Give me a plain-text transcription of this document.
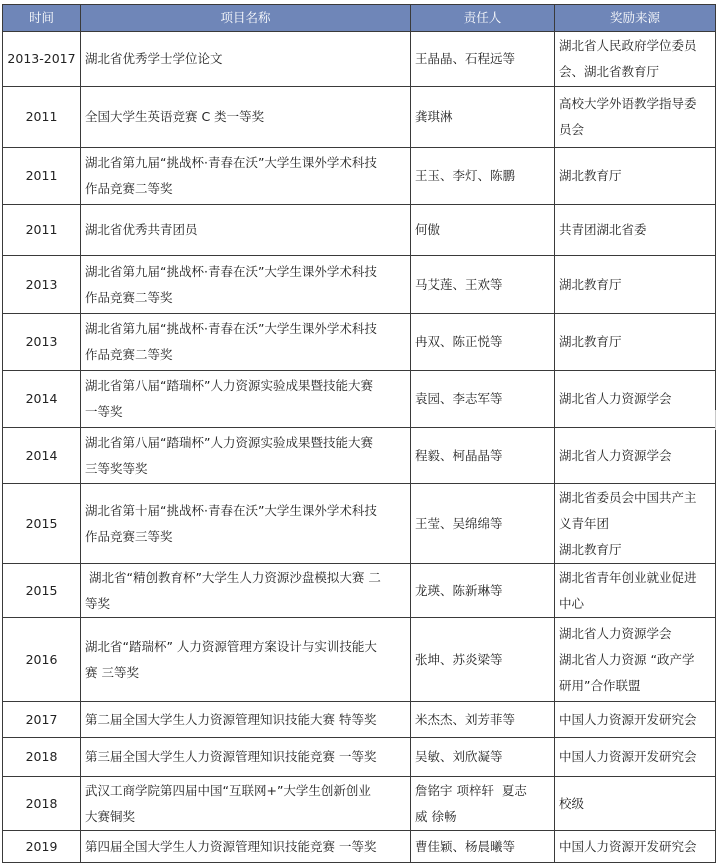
时间	项目名称	责任人	奖励来源
2013-2017	湖北省优秀学士学位论文	王晶晶、石程远等	湖北省人民政府学位委员
会、湖北省教育厅

2011	全国大学生英语竞赛 C 类一等奖	龚琪淋	高校大学外语教学指导委
员会

2011	湖北省第九届“挑战杯·青春在沃”大学生课外学术科技
作品竞赛二等奖	王玉、李灯、陈鹏	湖北教育厅

2011	湖北省优秀共青团员	何傲	共青团湖北省委

2013	湖北省第九届“挑战杯·青春在沃”大学生课外学术科技
作品竞赛二等奖	马艾莲、王欢等	湖北教育厅

2013	湖北省第九届“挑战杯·青春在沃”大学生课外学术科技
作品竞赛二等奖	冉双、陈正悦等	湖北教育厅

2014	湖北省第八届“踏瑞杯”人力资源实验成果暨技能大赛
一等奖	袁园、李志军等	湖北省人力资源学会

2014	湖北省第八届“踏瑞杯”人力资源实验成果暨技能大赛
三等奖等奖	程毅、柯晶晶等	湖北省人力资源学会

2015	湖北省第十届“挑战杯·青春在沃”大学生课外学术科技
作品竞赛三等奖	王莹、吴绵绵等	湖北省委员会中国共产主
义青年团
湖北教育厅

2015	湖北省“精创教育杯”大学生人力资源沙盘模拟大赛 二
等奖	龙瑛、陈新琳等	湖北省青年创业就业促进
中心

2016	湖北省“踏瑞杯” 人力资源管理方案设计与实训技能大
赛 三等奖	张坤、苏炎梁等	湖北省人力资源学会
湖北省人力资源 “政产学
研用”合作联盟

2017	第二届全国大学生人力资源管理知识技能大赛 特等奖	米杰杰、刘芳菲等	中国人力资源开发研究会

2018	第三届全国大学生人力资源管理知识技能竞赛 一等奖	吴敏、刘欣凝等	中国人力资源开发研究会

2018	武汉工商学院第四届中国“互联网+”大学生创新创业
大赛铜奖	詹铭宇 项梓轩  夏志
威 徐畅	校级

2019	第四届全国大学生人力资源管理知识技能竞赛 一等奖	曹佳颖、杨晨曦等	中国人力资源开发研究会
